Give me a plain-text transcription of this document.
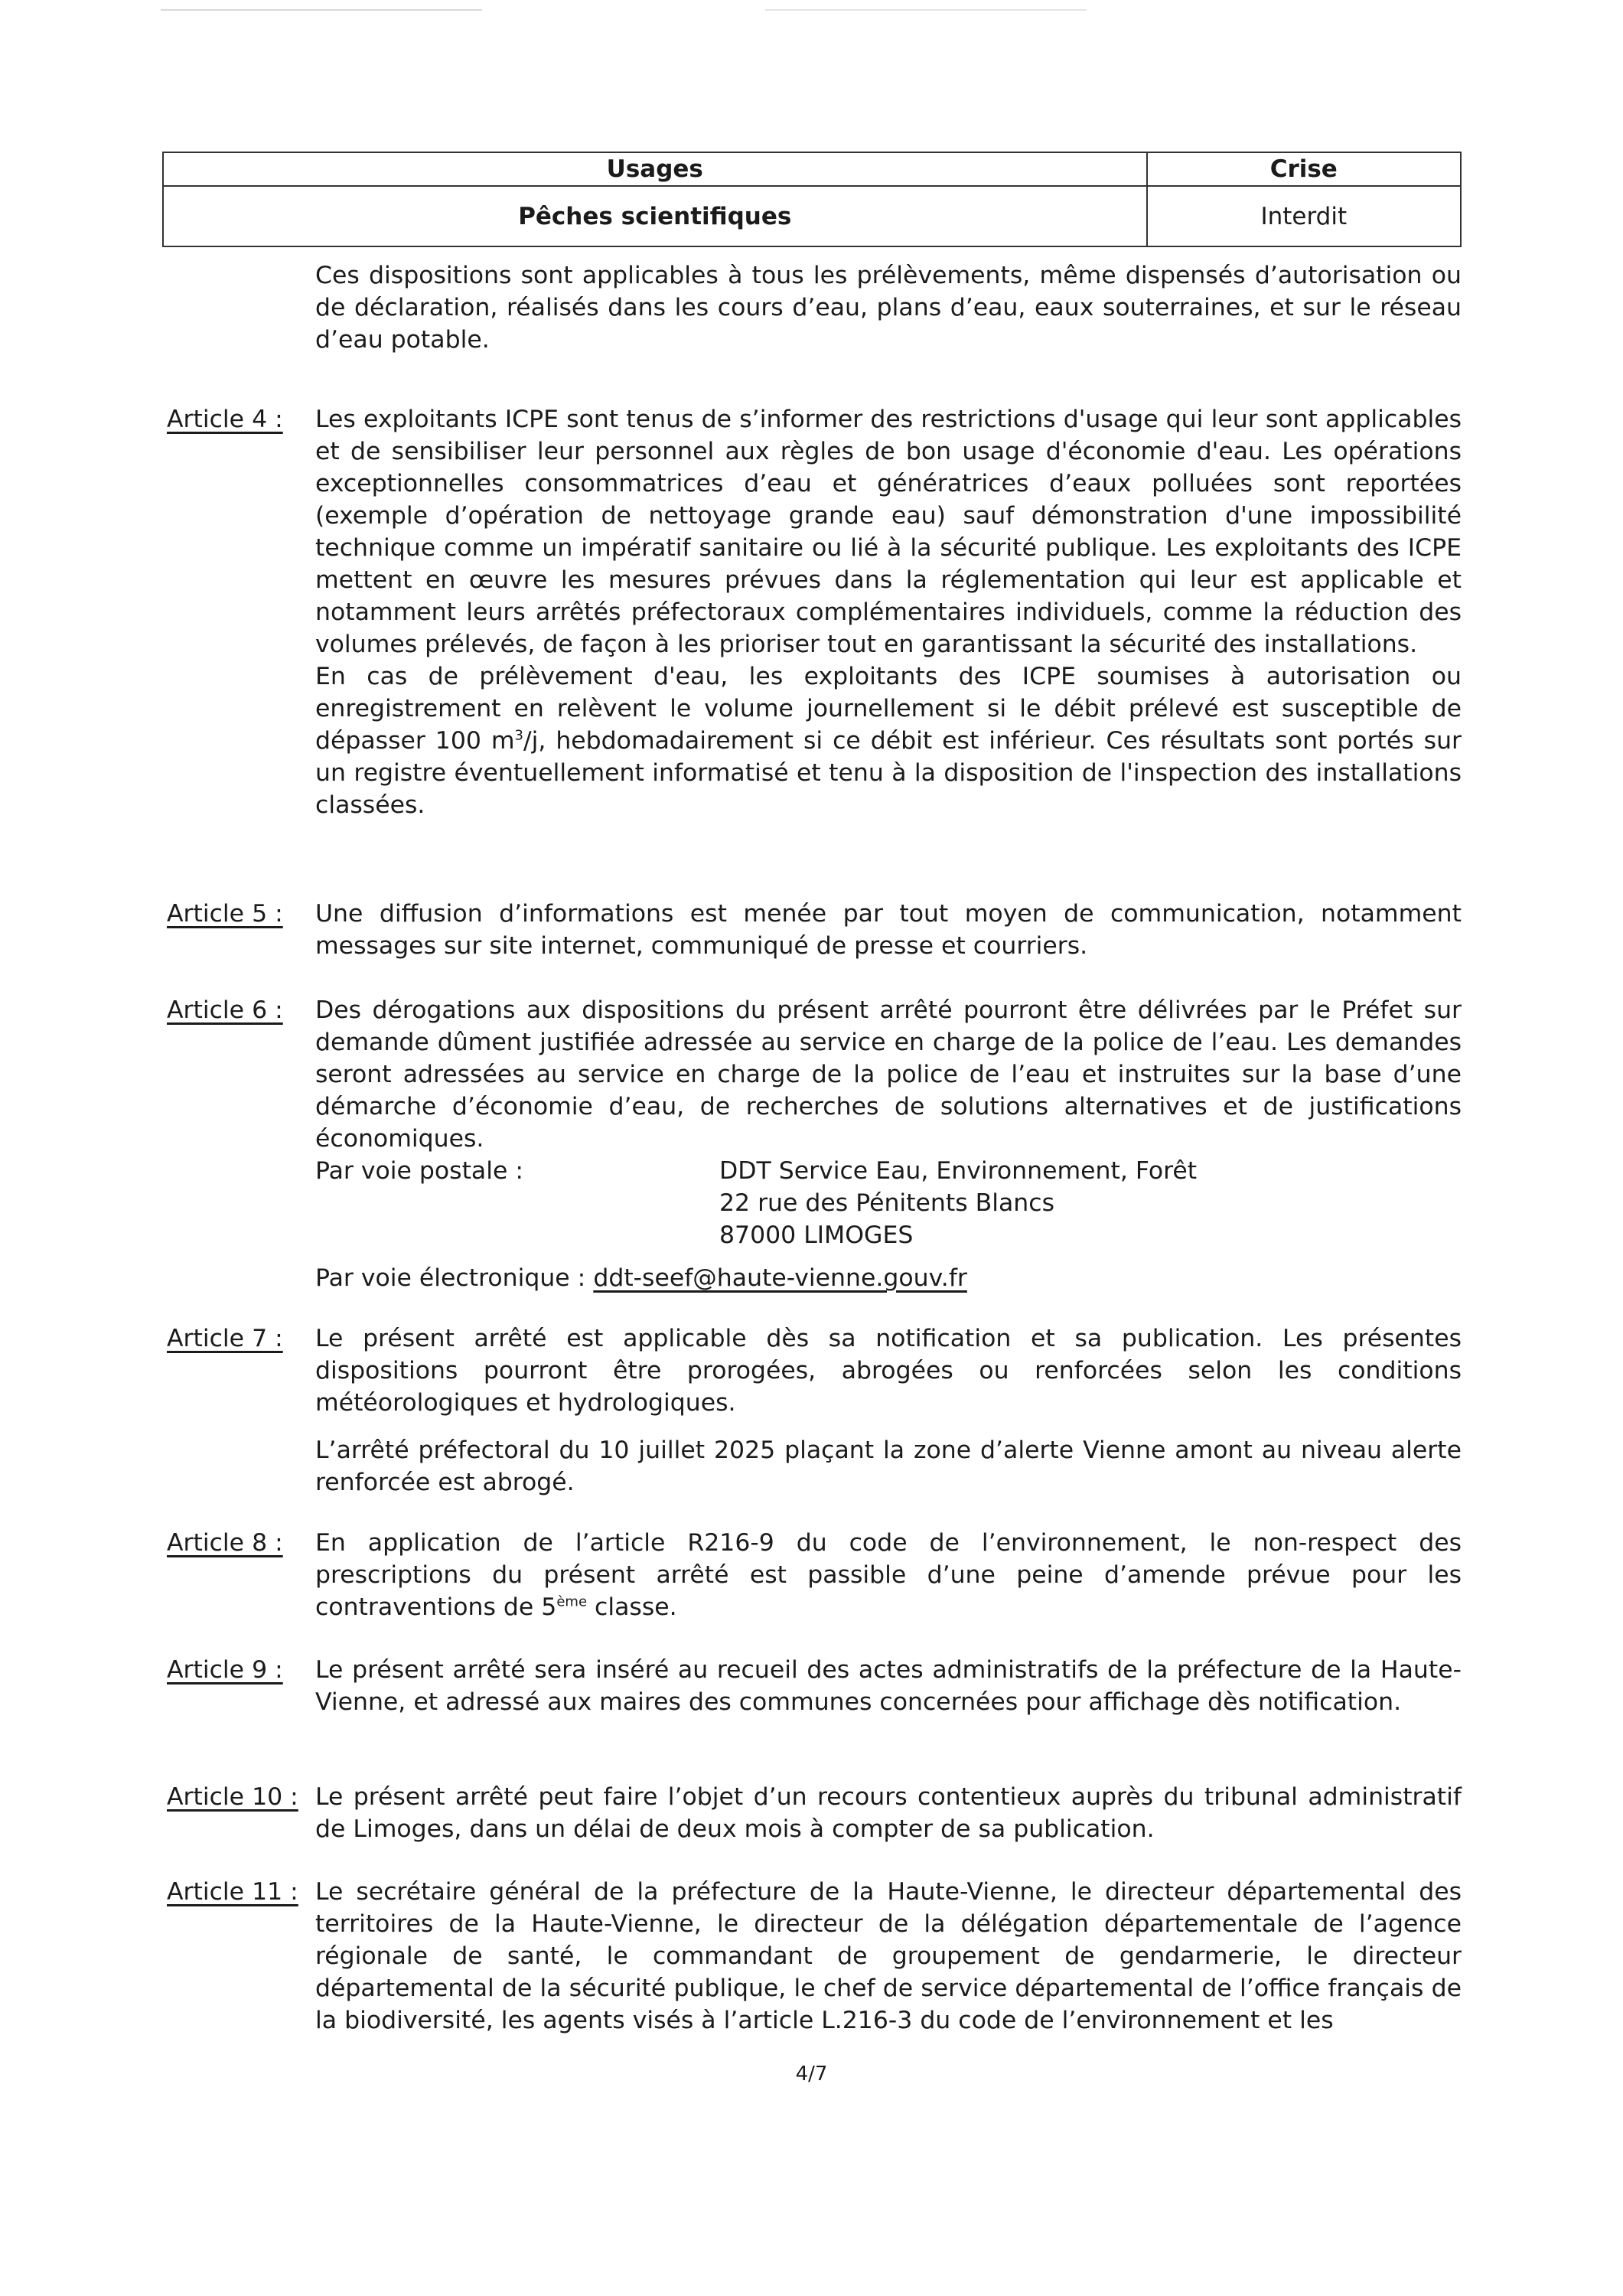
Usages	Crise
Pêches scientifiques	Interdit
Ces dispositions sont applicables à tous les prélèvements, même dispensés d’autorisation ou de déclaration, réalisés dans les cours d’eau, plans d’eau, eaux souterraines, et sur le réseau d’eau potable.
Article 4 :	Les exploitants ICPE sont tenus de s’informer des restrictions d'usage qui leur sont applicables et de sensibiliser leur personnel aux règles de bon usage d'économie d'eau. Les opérations exceptionnelles consommatrices d’eau et génératrices d’eaux polluées sont reportées (exemple d’opération de nettoyage grande eau) sauf démonstration d'une impossibilité technique comme un impératif sanitaire ou lié à la sécurité publique. Les exploitants des ICPE mettent en œuvre les mesures prévues dans la réglementation qui leur est applicable et notamment leurs arrêtés préfectoraux complémentaires individuels, comme la réduction des volumes prélevés, de façon à les prioriser tout en garantissant la sécurité des installations.

En cas de prélèvement d'eau, les exploitants des ICPE soumises à autorisation ou enregistrement en relèvent le volume journellement si le débit prélevé est susceptible de dépasser 100 $m^3/j$, hebdomadairement si ce débit est inférieur. Ces résultats sont portés sur un registre éventuellement informatisé et tenu à la disposition de l'inspection des installations classées.

Article 5 :	Une diffusion d’informations est menée par tout moyen de communication, notamment messages sur site internet, communiqué de presse et courriers.

Article 6 :	Des dérogations aux dispositions du présent arrêté pourront être délivrées par le Préfet sur demande dûment justifiée adressée au service en charge de la police de l’eau. Les demandes seront adressées au service en charge de la police de l’eau et instruites sur la base d’une démarche d’économie d’eau, de recherches de solutions alternatives et de justifications économiques.

Par voie postale :	DDT Service Eau, Environnement, Forêt
22 rue des Pénitents Blancs
87000 LIMOGES
Par voie électronique : ddt-seef@haute-vienne.gouv.fr
Article 7 :	Le présent arrêté est applicable dès sa notification et sa publication. Les présentes dispositions pourront être prorogées, abrogées ou renforcées selon les conditions météorologiques et hydrologiques.

L’arrêté préfectoral du 10 juillet 2025 plaçant la zone d’alerte Vienne amont au niveau alerte renforcée est abrogé.

Article 8 :	En application de l’article R216-9 du code de l’environnement, le non-respect des prescriptions du présent arrêté est passible d’une peine d’amende prévue pour les contraventions de 5ème classe.

Article 9 :	Le présent arrêté sera inséré au recueil des actes administratifs de la préfecture de la Haute-Vienne, et adressé aux maires des communes concernées pour affichage dès notification.

Article 10 : Le présent arrêté peut faire l’objet d’un recours contentieux auprès du tribunal administratif de Limoges, dans un délai de deux mois à compter de sa publication.

Article 11 : Le secrétaire général de la préfecture de la Haute-Vienne, le directeur départemental des territoires de la Haute-Vienne, le directeur de la délégation départementale de l’agence régionale de santé, le commandant de groupement de gendarmerie, le directeur départemental de la sécurité publique, le chef de service départemental de l’office français de la biodiversité, les agents visés à l’article L.216-3 du code de l’environnement et les

4/7
